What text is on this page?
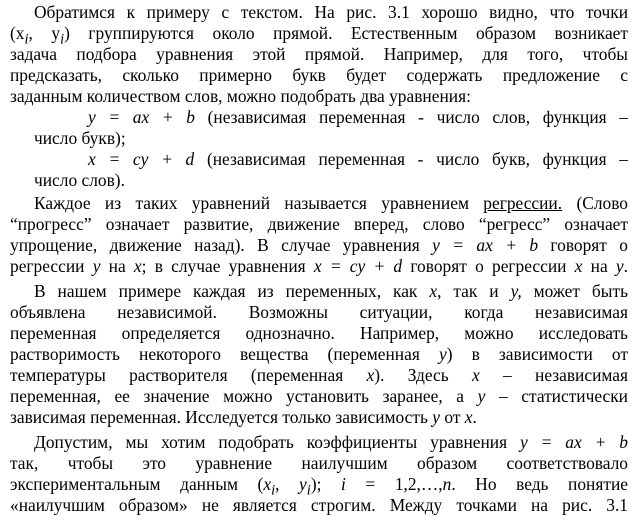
Обратимся к примеру с текстом. На рис. 3.1 хорошо видно, что точки
($x_i$, $y_i$) группируются около прямой. Естественным образом возникает
задача подбора уравнения этой прямой. Например, для того, чтобы
предсказать, сколько примерно букв будет содержать предложение с
заданным количеством слов, можно подобрать два уравнения:
y = ax + b (независимая переменная - число слов, функция –
число букв);
x = cy + d (независимая переменная - число букв, функция –
число слов).
Каждое из таких уравнений называется уравнением регрессии. (Слово
“прогресс” означает развитие, движение вперед, слово “регресс” означает
упрощение, движение назад). В случае уравнения y = ax + b говорят о
регрессии y на x; в случае уравнения x = cy + d говорят о регрессии x на y.
В нашем примере каждая из переменных, как x, так и y, может быть
объявлена независимой. Возможны ситуации, когда независимая
переменная определяется однозначно. Например, можно исследовать
растворимость некоторого вещества (переменная y) в зависимости от
температуры растворителя (переменная x). Здесь x – независимая
переменная, ее значение можно установить заранее, а y – статистически
зависимая переменная. Исследуется только зависимость y от x.
Допустим, мы хотим подобрать коэффициенты уравнения y = ax + b
так, чтобы это уравнение наилучшим образом соответствовало
экспериментальным данным ($x_i$, $y_i$); i = 1,2,…,n. Но ведь понятие
«наилучшим образом» не является строгим. Между точками на рис. 3.1
